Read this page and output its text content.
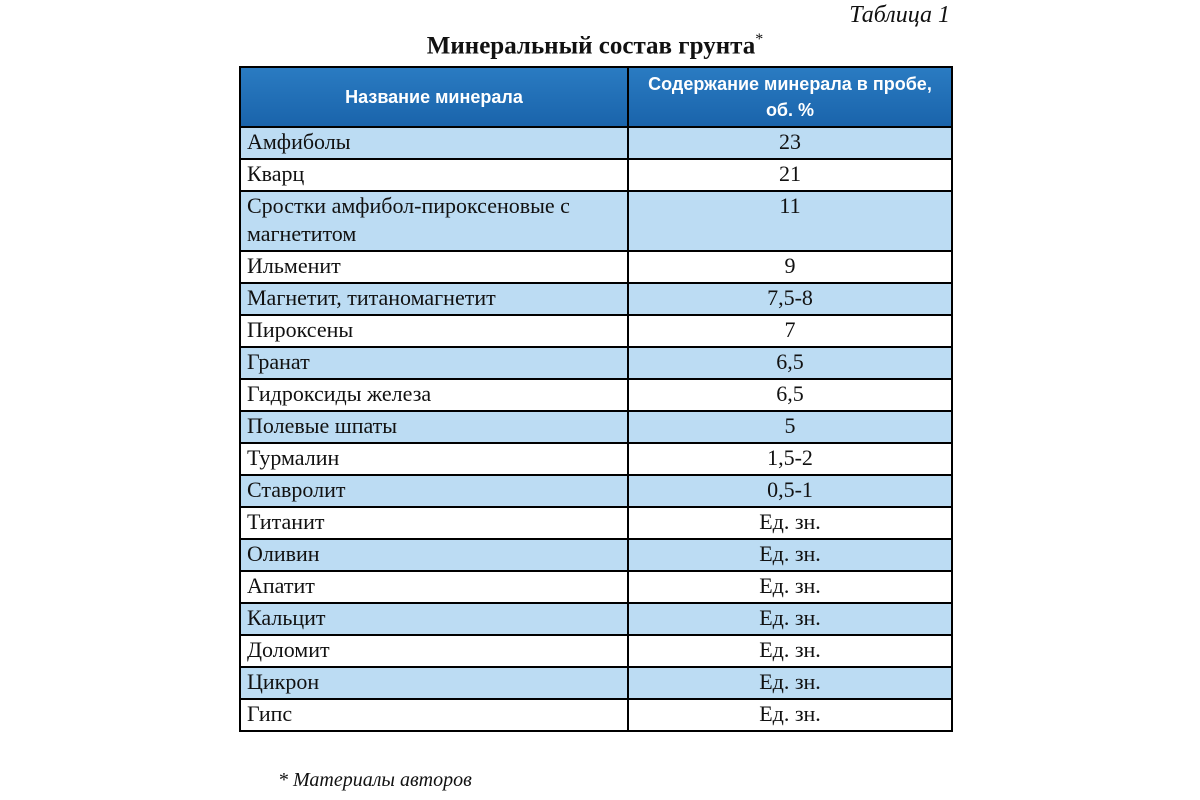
Таблица 1
Минеральный состав грунта*
Название минерала	Содержание минерала в пробе, об. %
Амфиболы	23
Кварц	21
Сростки амфибол-пироксеновые с магнетитом	11
Ильменит	9
Магнетит, титаномагнетит	7,5-8
Пироксены	7
Гранат	6,5
Гидроксиды железа	6,5
Полевые шпаты	5
Турмалин	1,5-2
Ставролит	0,5-1
Титанит	Ед. зн.
Оливин	Ед. зн.
Апатит	Ед. зн.
Кальцит	Ед. зн.
Доломит	Ед. зн.
Цикрон	Ед. зн.
Гипс	Ед. зн.
* Материалы авторов
